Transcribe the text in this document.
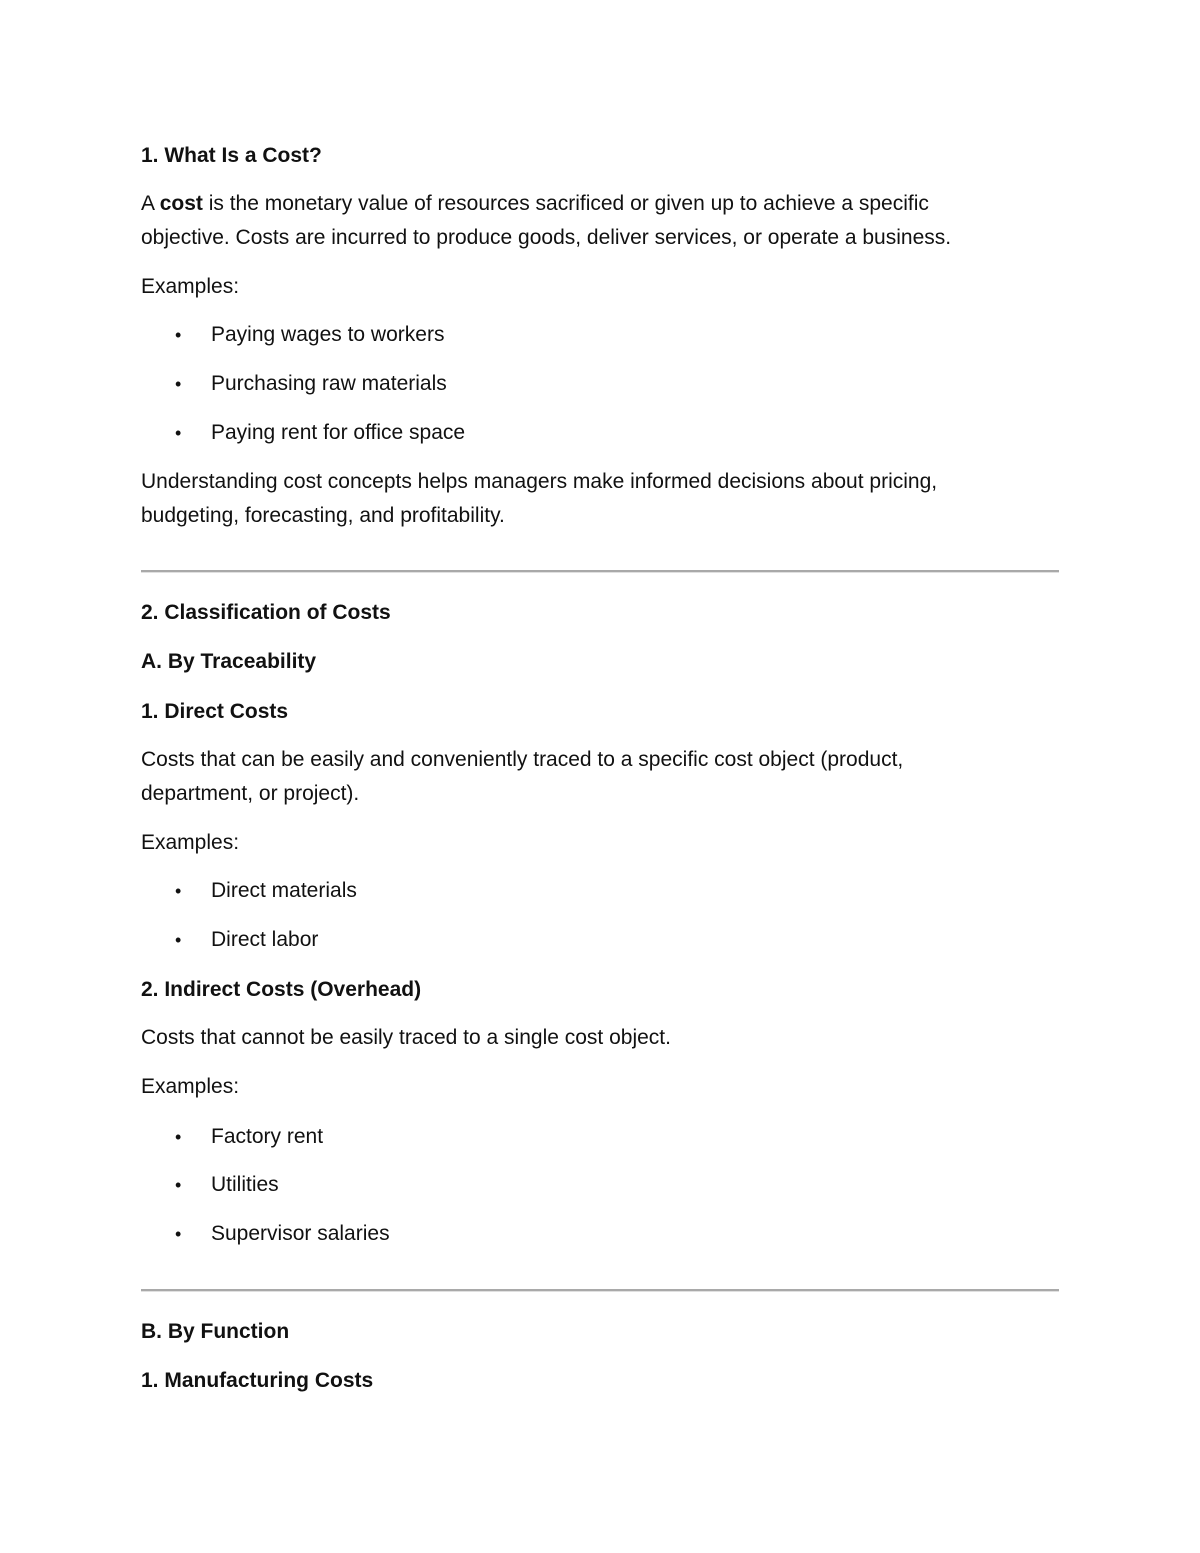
1. What Is a Cost?
A cost is the monetary value of resources sacrificed or given up to achieve a specific
objective. Costs are incurred to produce goods, deliver services, or operate a business.
Examples:
• Paying wages to workers
• Purchasing raw materials
• Paying rent for office space
Understanding cost concepts helps managers make informed decisions about pricing,
budgeting, forecasting, and profitability.
2. Classification of Costs
A. By Traceability
1. Direct Costs
Costs that can be easily and conveniently traced to a specific cost object (product,
department, or project).
Examples:
• Direct materials
• Direct labor
2. Indirect Costs (Overhead)
Costs that cannot be easily traced to a single cost object.
Examples:
• Factory rent
• Utilities
• Supervisor salaries
B. By Function
1. Manufacturing Costs
